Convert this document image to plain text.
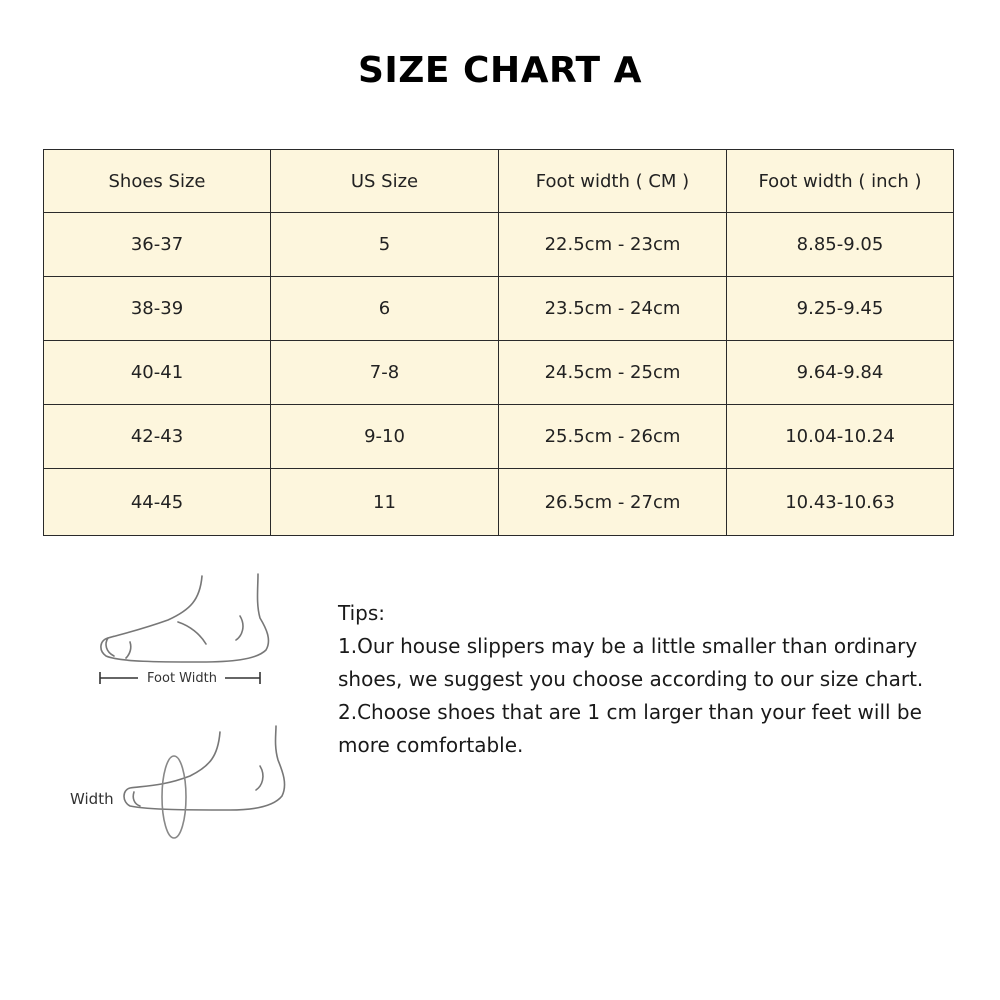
SIZE CHART A
Shoes Size	US Size	Foot width ( CM )	Foot width ( inch )
36-37	5	22.5cm - 23cm	8.85-9.05
38-39	6	23.5cm - 24cm	9.25-9.45
40-41	7-8	24.5cm - 25cm	9.64-9.84
42-43	9-10	25.5cm - 26cm	10.04-10.24
44-45	11	26.5cm - 27cm	10.43-10.63
Foot Width
Width

Tips:

1.Our house slippers may be a little smaller than ordinary shoes, we suggest you choose according to our size chart.

2.Choose shoes that are 1 cm larger than your feet will be more comfortable.
